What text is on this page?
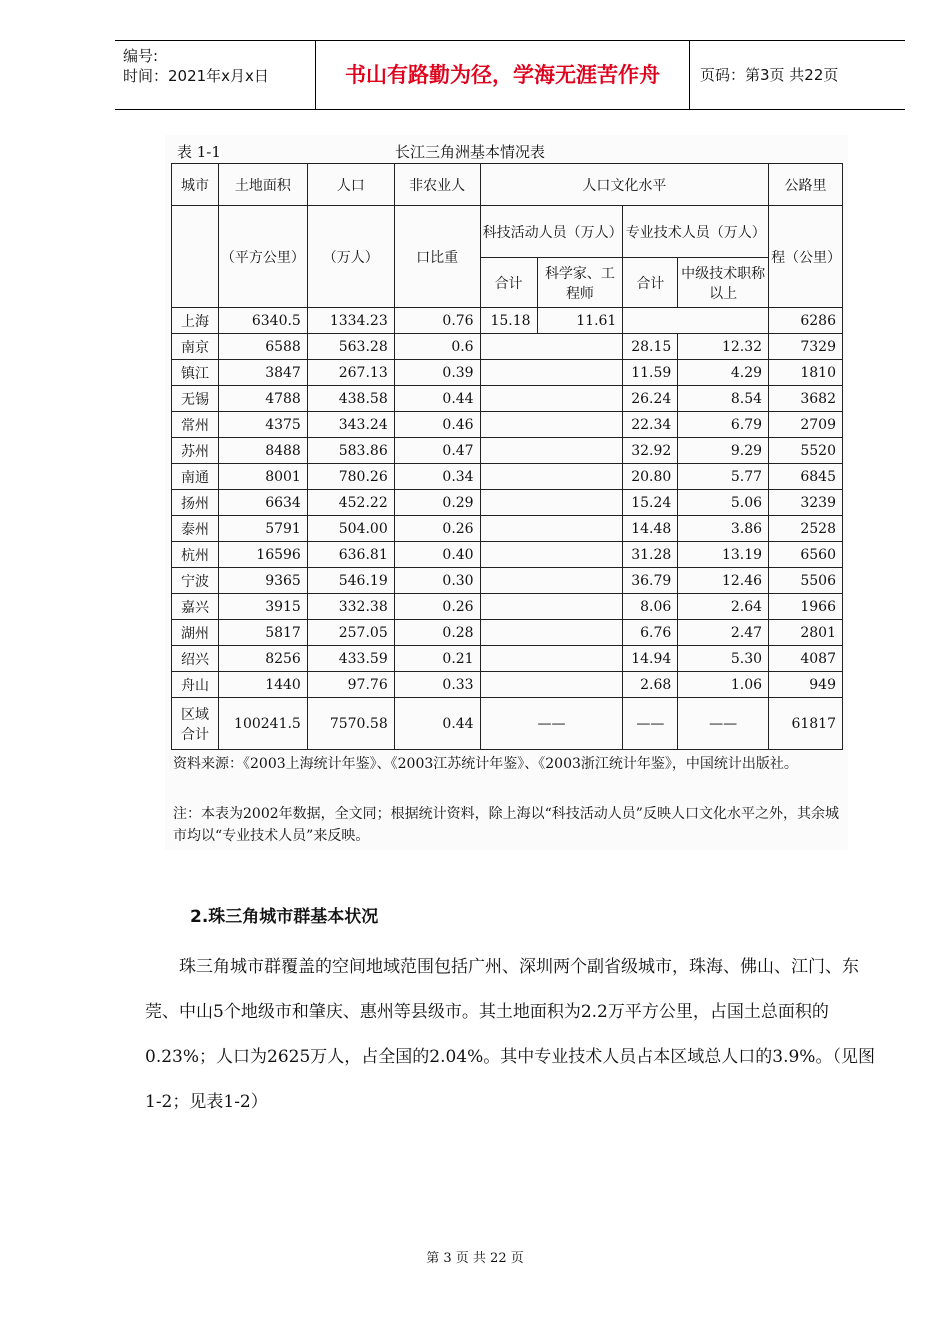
编号:
时间：2021年x月x日	书山有路勤为径，学海无涯苦作舟	页码：第3页 共22页
表 1-1	长江三角洲基本情况表
城市	土地面积	人口	非农业人	人口文化水平				公路里
	（平方公里）	（万人）	口比重	科技活动人员（万人）		专业技术人员（万人）		程（公里）
				合计	科学家、工程师	合计	中级技术职称以上	
上海	6340.5	1334.23	0.76	15.18	11.61			6286
南京	6588	563.28	0.6			28.15	12.32	7329
镇江	3847	267.13	0.39			11.59	4.29	1810
无锡	4788	438.58	0.44			26.24	8.54	3682
常州	4375	343.24	0.46			22.34	6.79	2709
苏州	8488	583.86	0.47			32.92	9.29	5520
南通	8001	780.26	0.34			20.80	5.77	6845
扬州	6634	452.22	0.29			15.24	5.06	3239
泰州	5791	504.00	0.26			14.48	3.86	2528
杭州	16596	636.81	0.40			31.28	13.19	6560
宁波	9365	546.19	0.30			36.79	12.46	5506
嘉兴	3915	332.38	0.26			8.06	2.64	1966
湖州	5817	257.05	0.28			6.76	2.47	2801
绍兴	8256	433.59	0.21			14.94	5.30	4087
舟山	1440	97.76	0.33			2.68	1.06	949
区域合计	100241.5	7570.58	0.44	——		——	——	61817
资料来源：《2003上海统计年鉴》、《2003江苏统计年鉴》、《2003浙江统计年鉴》，中国统计出版社。
注：本表为2002年数据，全文同；根据统计资料，除上海以“科技活动人员”反映人口文化水平之外，其余城市均以“专业技术人员”来反映。
2.珠三角城市群基本状况

珠三角城市群覆盖的空间地域范围包括广州、深圳两个副省级城市，珠海、佛山、江门、东莞、中山5个地级市和肇庆、惠州等县级市。其土地面积为2.2万平方公里，占国土总面积的0.23%；人口为2625万人，占全国的2.04%。其中专业技术人员占本区域总人口的3.9%。（见图1-2；见表1-2）

第 3 页 共 22 页
